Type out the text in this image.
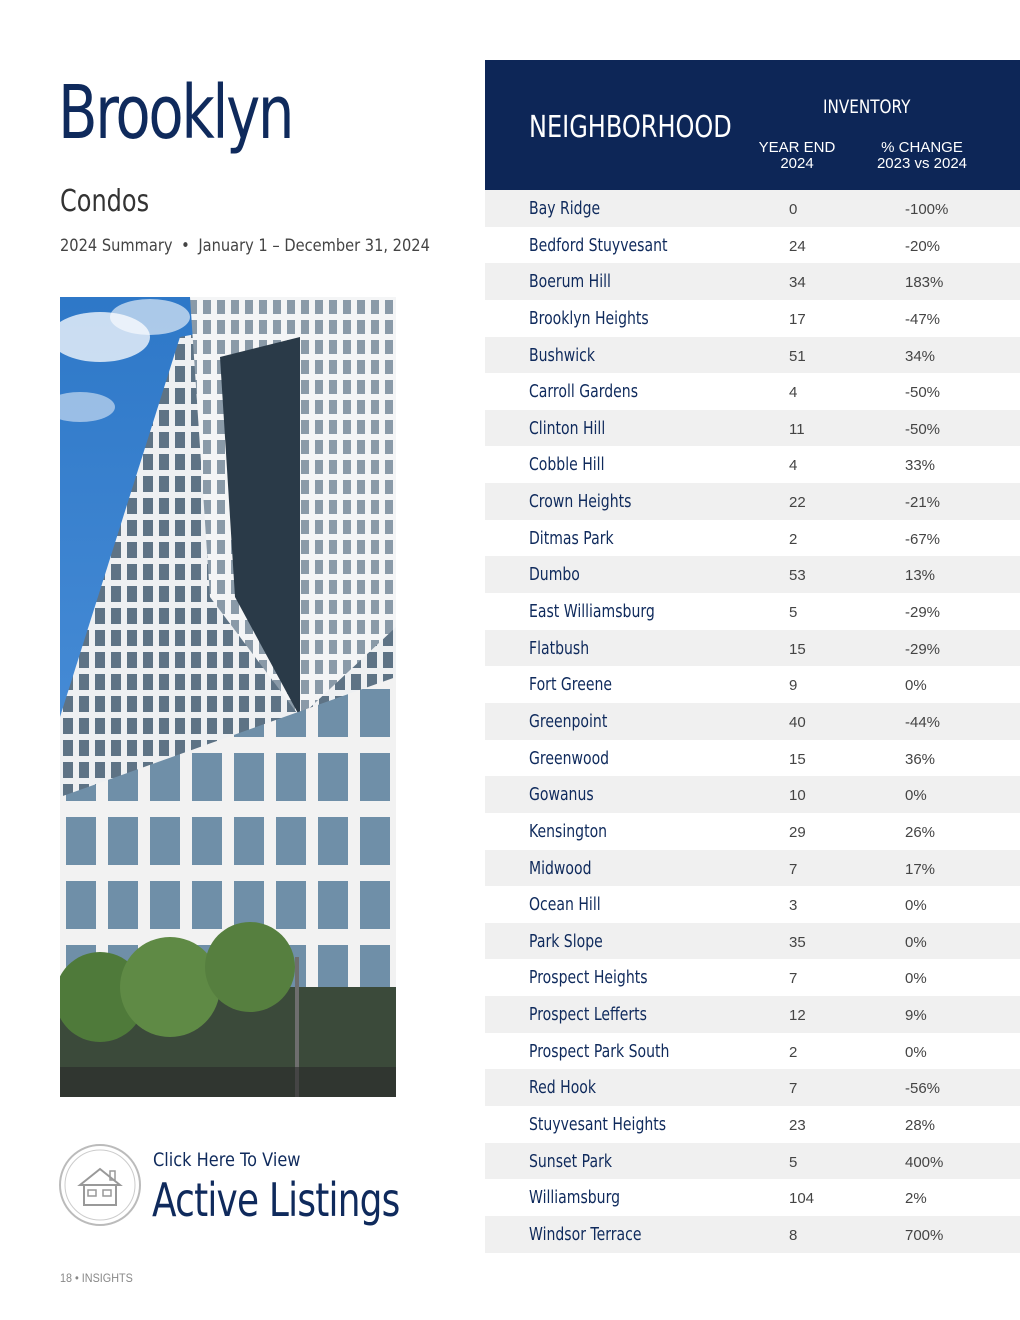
Brooklyn
Condos
2024 Summary • January 1 – December 31, 2024
Click Here To View
Active Listings
18 • INSIGHTS
NEIGHBORHOOD
INVENTORY
YEAR END
2024
% CHANGE
2023 vs 2024
Bay Ridge	0	-100%
Bedford Stuyvesant	24	-20%
Boerum Hill	34	183%
Brooklyn Heights	17	-47%
Bushwick	51	34%
Carroll Gardens	4	-50%
Clinton Hill	11	-50%
Cobble Hill	4	33%
Crown Heights	22	-21%
Ditmas Park	2	-67%
Dumbo	53	13%
East Williamsburg	5	-29%
Flatbush	15	-29%
Fort Greene	9	0%
Greenpoint	40	-44%
Greenwood	15	36%
Gowanus	10	0%
Kensington	29	26%
Midwood	7	17%
Ocean Hill	3	0%
Park Slope	35	0%
Prospect Heights	7	0%
Prospect Lefferts	12	9%
Prospect Park South	2	0%
Red Hook	7	-56%
Stuyvesant Heights	23	28%
Sunset Park	5	400%
Williamsburg	104	2%
Windsor Terrace	8	700%
